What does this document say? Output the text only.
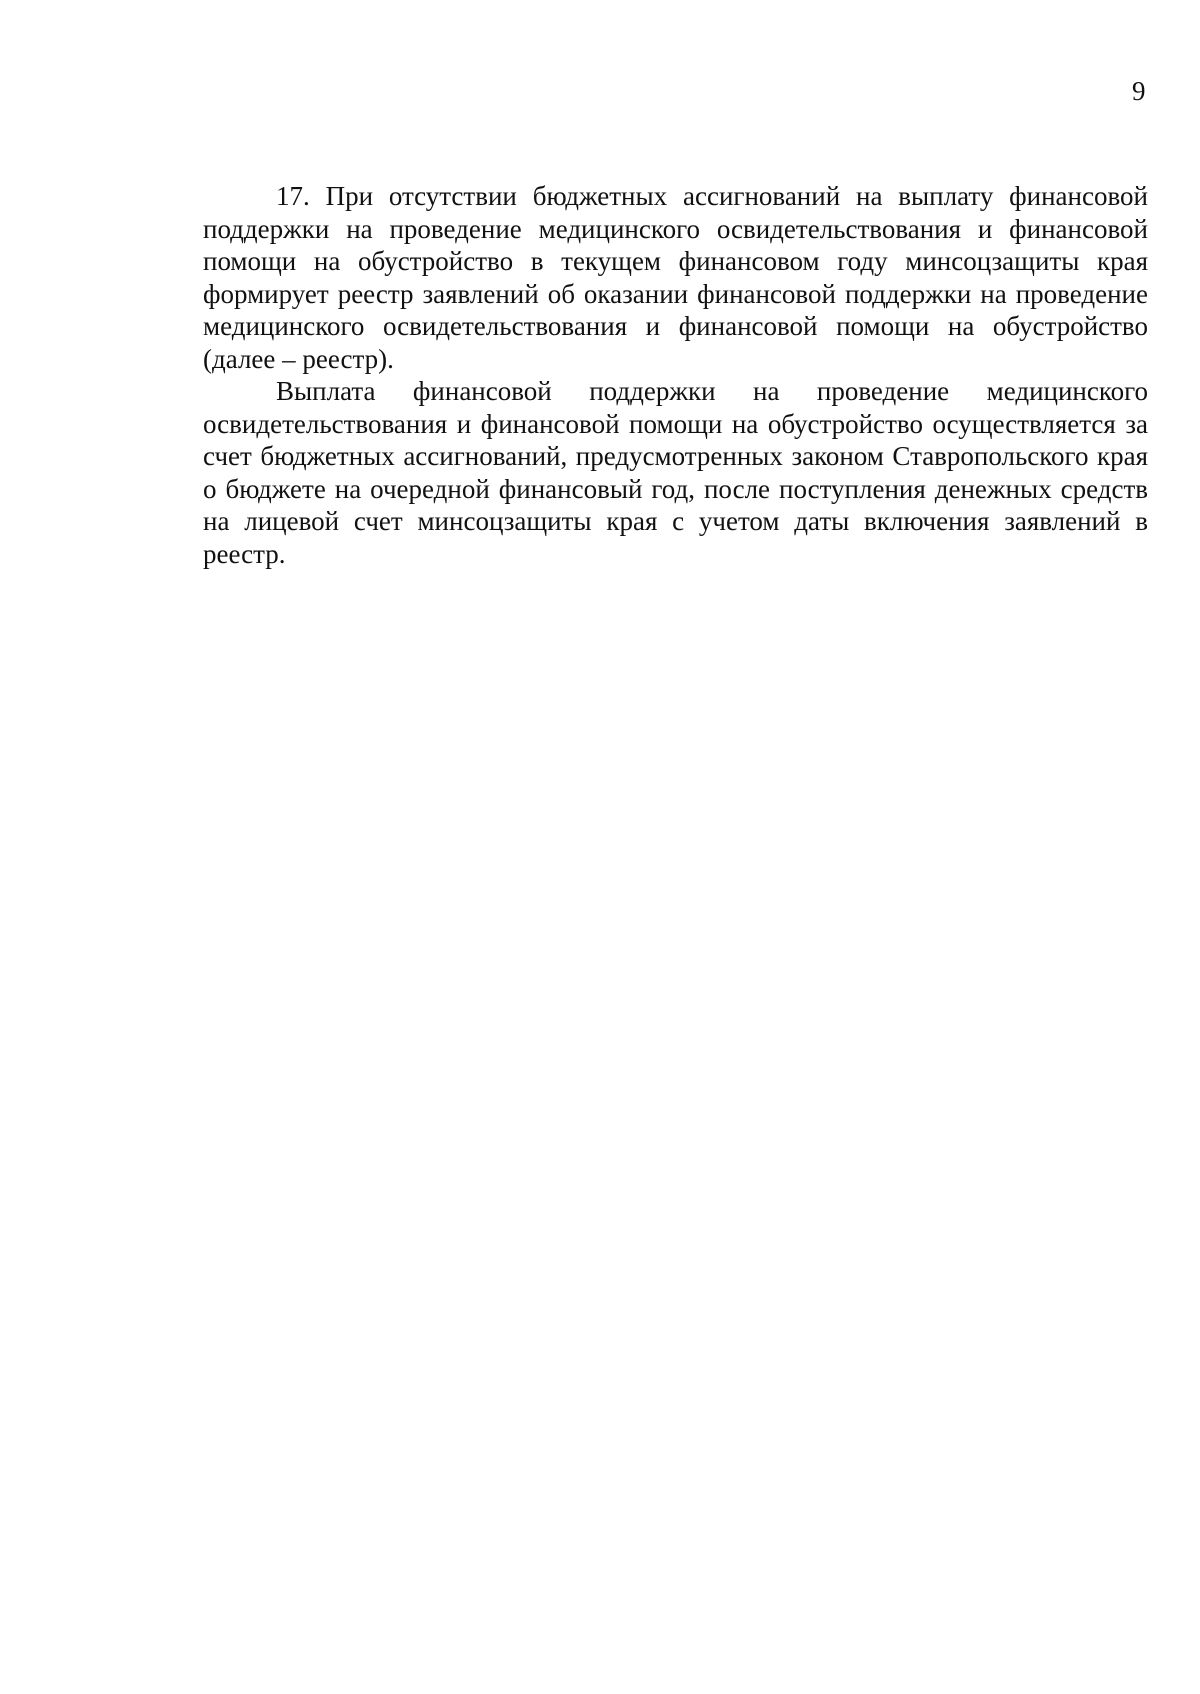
9

17. При отсутствии бюджетных ассигнований на выплату финансовой поддержки на проведение медицинского освидетельствования и финансовой помощи на обустройство в текущем финансовом году минсоцзащиты края формирует реестр заявлений об оказании финансовой поддержки на проведение медицинского освидетельствования и финансовой помощи на обустройство (далее – реестр).

Выплата финансовой поддержки на проведение медицинского освидетельствования и финансовой помощи на обустройство осуществляется за счет бюджетных ассигнований, предусмотренных законом Ставропольского края о бюджете на очередной финансовый год, после поступления денежных средств на лицевой счет минсоцзащиты края с учетом даты включения заявлений в реестр.
